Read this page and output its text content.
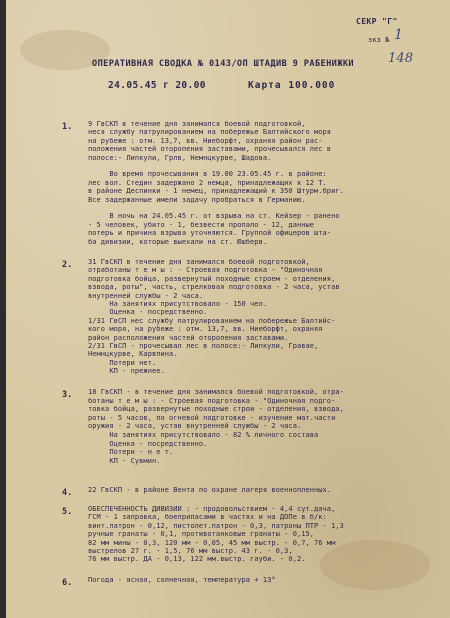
СЕКР "Г"
экз № 1
ОПЕРАТИВНАЯ СВОДКА № 0143/ОП ШТАДИВ 9 РАБЕНИЖКИ	148
24.05.45 г 20.00	Карта 100.000
1. 9 ГвСКП в течение дня занимался боевой подготовкой,
неся службу патрулированием на побережье Балтийского моря
на рубеже : отм. 13,7, вв. Ниеборфт, охраняя район рас-
положения частей оторопения заставами, прочесывался лес в
полосе:- Липкули, Грлв, Немнцкурве, Шадова.

Во время прочесывания в 19.00 23.05.45 г. в районе:
лес вол. Стедин задержано 2 немца, принадлежащих к 12 Т.
в районе Деспинки - 1 немец, принадлежащий к 350 Штурм.бриг.
Все задержанные имели задачу пробраться в Германию.

В ночь на 24.05.45 г. от взрыва на ст. Кейзер - ранено
- 5 человек, убито - 1, безвести пропало - 12, данные
потерь и причина взрыва уточняются. Группой офицеров шта-
ба дивизии, которые выехали на ст. Юшберв.
2. 31 ГвСКП в течение дня занимался боевой подготовкой,
отработаны т е м ы : - Строевая подготовка - "Одиночная
подготовка бойца, развернутый походные строем - отделения,
взвода, роты", часть, стрелковая подготовка - 2 часа, устав
внутренней службы - 2 часа.
На занятиях присутствовало - 150 чел.
Оценка - посредственно.
1/31 ГвСП нес службу патрулированием на побережье Балтийс-
кого моря, на рубеже : отм. 13,7, вв. Ниеборфт, охраняя
район расположения частей оторопения заставами.
2/31 ГвСП - прочесывал лес в полосе:- Липкули, Гравае,
Немнцкурве, Карвпина.
Потери нет.
КП - прежнее.
3. 18 ГвСКП - в течение дня занимался боевой подготовкой, отра-
ботаны т е м ы : - Строевая подготовка - "Одиночная подго-
товка бойца, развернутые походные строи - отделения, взвода,
роты - 5 часов, по огневой подготовке - изучение мат.части
оружия - 2 часа, устав внутренней службы - 2 часа.
На занятиях присутствовало - 82 % личного состава
Оценка - посредственно.
Потери - н е т.
КП - Сувмин.
4. 22 ГвСКП - в районе Вента по охране лагеря военнопленных.
5. ОБЕСПЕЧЕННОСТЬ ДИВИЗИИ : - продовольствием - 4,4 сут.дача,
ГСМ - 1 заправка, боеприпасами в частях и на ДОПе в б/к:
винт.патрон - 0,12, пистолет.патрон - 0,3, патроны ПТР - 1,3
ручные гранаты - 0,1, противотанковые гранаты - 0,15,
82 мм мины - 0,3, 120 мм - 0,05, 45 мм выстр. - 0,7, 76 мм
выстрелов 27 г. - 1,5, 76 мм выстр. 43 г. - 0,3,
76 мм выстр. ДА - 0,13, 122 мм.выстр. гауби. - 0,2.
6. Погода - ясная, солнечная, температура + 13°
